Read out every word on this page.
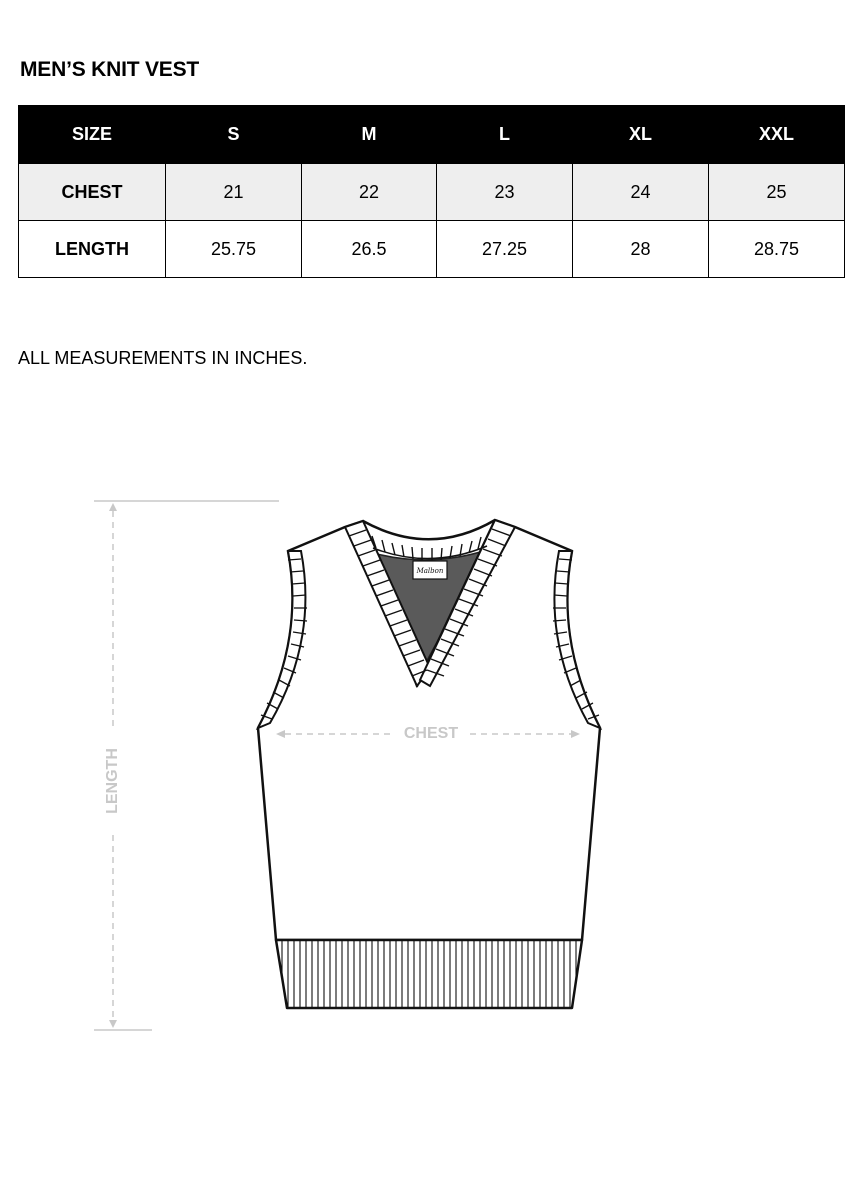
MEN’S KNIT VEST
SIZE	S	M	L	XL	XXL
CHEST	21	22	23	24	25
LENGTH	25.75	26.5	27.25	28	28.75

ALL MEASUREMENTS IN INCHES.

LENGTH
Malbon
CHEST
